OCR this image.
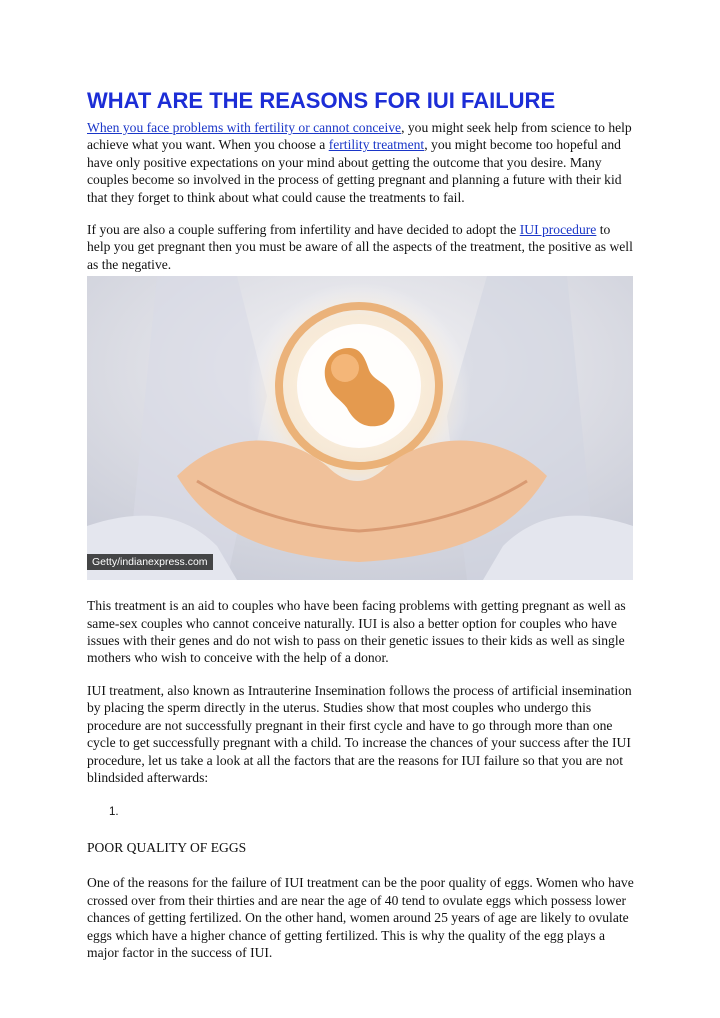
WHAT ARE THE REASONS FOR IUI FAILURE

When you face problems with fertility or cannot conceive, you might seek help from science to help achieve what you want. When you choose a fertility treatment, you might become too hopeful and have only positive expectations on your mind about getting the outcome that you desire. Many couples become so involved in the process of getting pregnant and planning a future with their kid that they forget to think about what could cause the treatments to fail.

If you are also a couple suffering from infertility and have decided to adopt the IUI procedure to help you get pregnant then you must be aware of all the aspects of the treatment, the positive as well as the negative.

Getty/indianexpress.com

This treatment is an aid to couples who have been facing problems with getting pregnant as well as same-sex couples who cannot conceive naturally. IUI is also a better option for couples who have issues with their genes and do not wish to pass on their genetic issues to their kids as well as single mothers who wish to conceive with the help of a donor.

IUI treatment, also known as Intrauterine Insemination follows the process of artificial insemination by placing the sperm directly in the uterus. Studies show that most couples who undergo this procedure are not successfully pregnant in their first cycle and have to go through more than one cycle to get successfully pregnant with a child. To increase the chances of your success after the IUI procedure, let us take a look at all the factors that are the reasons for IUI failure so that you are not blindsided afterwards:

1.
POOR QUALITY OF EGGS

One of the reasons for the failure of IUI treatment can be the poor quality of eggs. Women who have crossed over from their thirties and are near the age of 40 tend to ovulate eggs which possess lower chances of getting fertilized. On the other hand, women around 25 years of age are likely to ovulate eggs which have a higher chance of getting fertilized. This is why the quality of the egg plays a major factor in the success of IUI.
